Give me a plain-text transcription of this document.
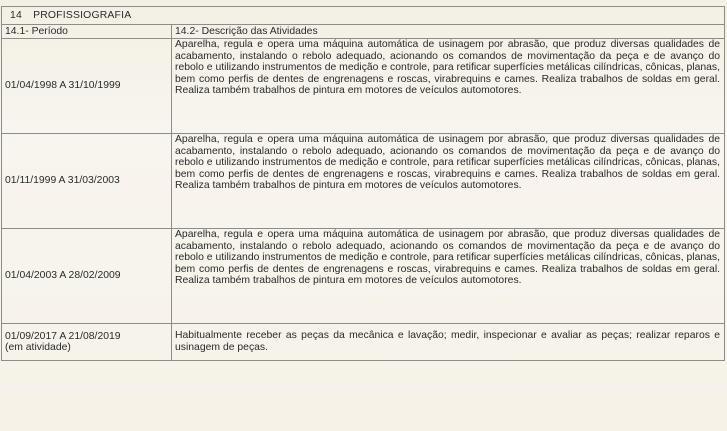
14 PROFISSIOGRAFIA	
14.1- Período	14.2- Descrição das Atividades
01/04/1998 A 31/10/1999	Aparelha, regula e opera uma máquina automática de usinagem por abrasão, que produz diversas qualidades de acabamento, instalando o rebolo adequado, acionando os comandos de movimentação da peça e de avanço do rebolo e utilizando instrumentos de medição e controle, para retificar superfícies metálicas cilíndricas, cônicas, planas, bem como perfis de dentes de engrenagens e roscas, virabrequins e cames. Realiza trabalhos de soldas em geral. Realiza também trabalhos de pintura em motores de veículos automotores.
01/11/1999 A 31/03/2003	Aparelha, regula e opera uma máquina automática de usinagem por abrasão, que produz diversas qualidades de acabamento, instalando o rebolo adequado, acionando os comandos de movimentação da peça e de avanço do rebolo e utilizando instrumentos de medição e controle, para retificar superfícies metálicas cilíndricas, cônicas, planas, bem como perfis de dentes de engrenagens e roscas, virabrequins e cames. Realiza trabalhos de soldas em geral. Realiza também trabalhos de pintura em motores de veículos automotores.
01/04/2003 A 28/02/2009	Aparelha, regula e opera uma máquina automática de usinagem por abrasão, que produz diversas qualidades de acabamento, instalando o rebolo adequado, acionando os comandos de movimentação da peça e de avanço do rebolo e utilizando instrumentos de medição e controle, para retificar superfícies metálicas cilíndricas, cônicas, planas, bem como perfis de dentes de engrenagens e roscas, virabrequins e cames. Realiza trabalhos de soldas em geral. Realiza também trabalhos de pintura em motores de veículos automotores.

01/09/2017 A 21/08/2019
(em atividade)	Habitualmente receber as peças da mecânica e lavação; medir, inspecionar e avaliar as peças; realizar reparos e usinagem de peças.
